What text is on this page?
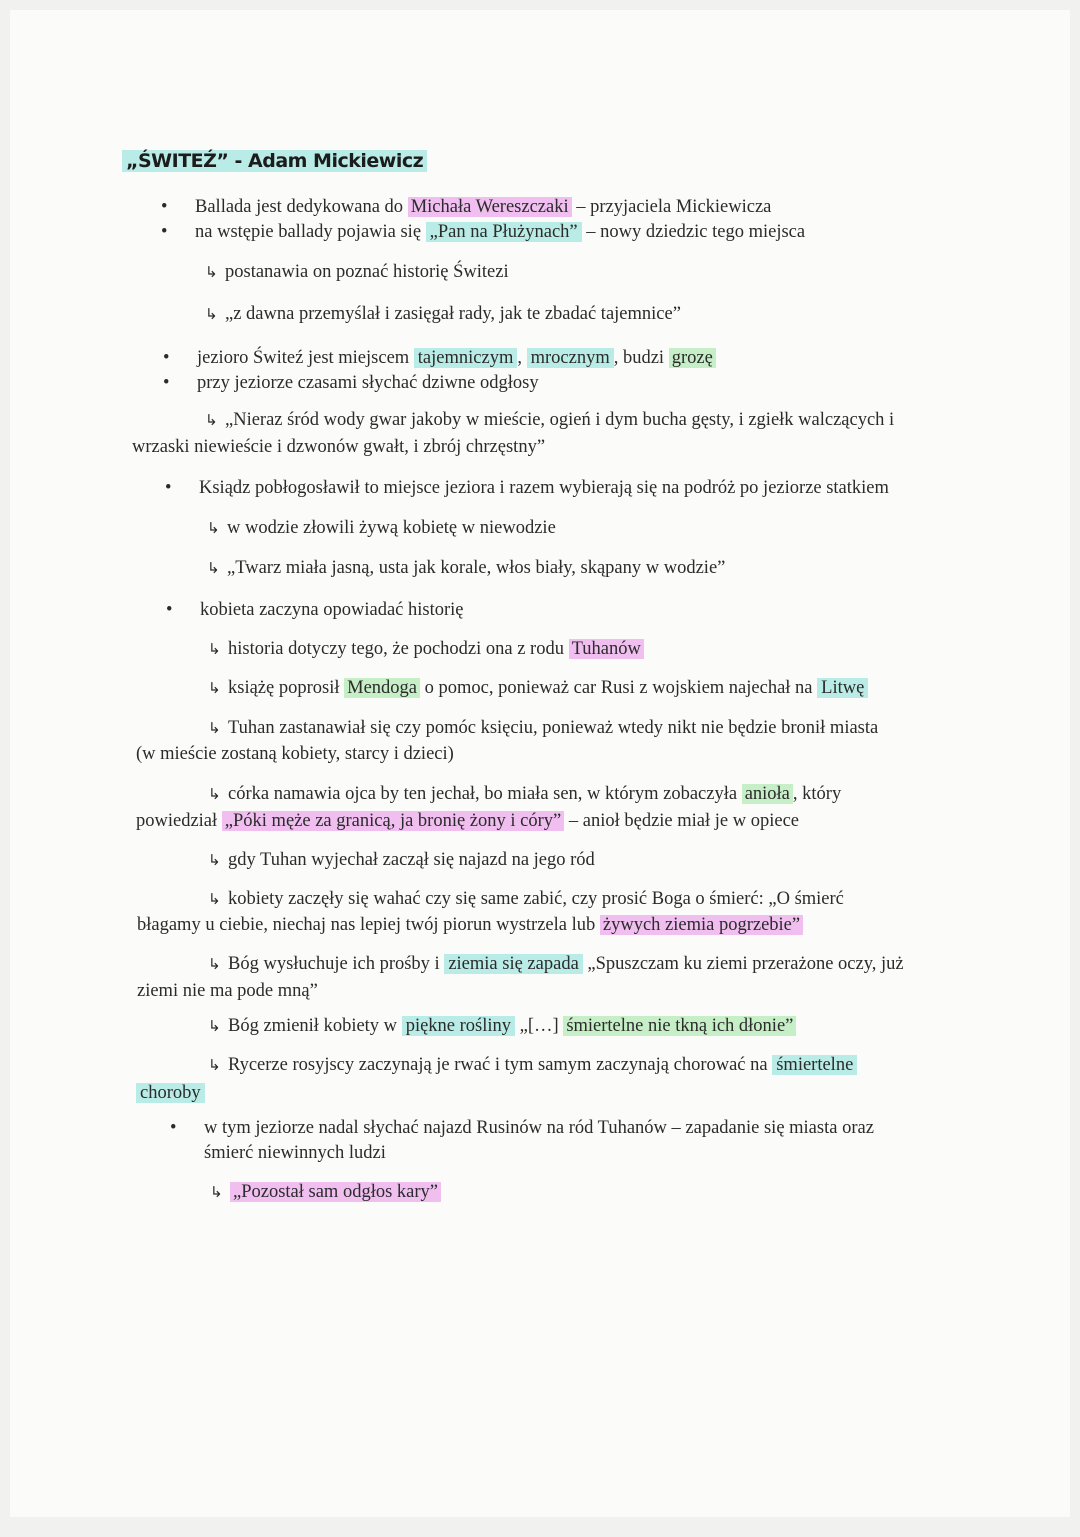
„ŚWITEŹ” - Adam Mickiewicz
• Ballada jest dedykowana do Michała Wereszczaki – przyjaciela Mickiewicza
• na wstępie ballady pojawia się „Pan na Płużynach” – nowy dziedzic tego miejsca
↳ postanawia on poznać historię Świtezi
↳ „z dawna przemyślał i zasięgał rady, jak te zbadać tajemnice”
• jezioro Świteź jest miejscem tajemniczym , mrocznym , budzi grozę
• przy jeziorze czasami słychać dziwne odgłosy
↳ „Nieraz śród wody gwar jakoby w mieście, ogień i dym bucha gęsty, i zgiełk walczących i
wrzaski niewieście i dzwonów gwałt, i zbrój chrzęstny”
• Ksiądz pobłogosławił to miejsce jeziora i razem wybierają się na podróż po jeziorze statkiem
↳ w wodzie złowili żywą kobietę w niewodzie
↳ „Twarz miała jasną, usta jak korale, włos biały, skąpany w wodzie”
• kobieta zaczyna opowiadać historię
↳ historia dotyczy tego, że pochodzi ona z rodu Tuhanów
↳ książę poprosił Mendoga o pomoc, ponieważ car Rusi z wojskiem najechał na Litwę
↳ Tuhan zastanawiał się czy pomóc księciu, ponieważ wtedy nikt nie będzie bronił miasta
(w mieście zostaną kobiety, starcy i dzieci)
↳ córka namawia ojca by ten jechał, bo miała sen, w którym zobaczyła anioła , który
powiedział „Póki męże za granicą, ja bronię żony i córy” – anioł będzie miał je w opiece
↳ gdy Tuhan wyjechał zaczął się najazd na jego ród
↳ kobiety zaczęły się wahać czy się same zabić, czy prosić Boga o śmierć: „O śmierć
błagamy u ciebie, niechaj nas lepiej twój piorun wystrzela lub żywych ziemia pogrzebie”
↳ Bóg wysłuchuje ich prośby i ziemia się zapada „Spuszczam ku ziemi przerażone oczy, już
ziemi nie ma pode mną”
↳ Bóg zmienił kobiety w piękne rośliny „[…] śmiertelne nie tkną ich dłonie”
↳ Rycerze rosyjscy zaczynają je rwać i tym samym zaczynają chorować na śmiertelne
choroby
• w tym jeziorze nadal słychać najazd Rusinów na ród Tuhanów – zapadanie się miasta oraz
śmierć niewinnych ludzi
↳ „Pozostał sam odgłos kary”
